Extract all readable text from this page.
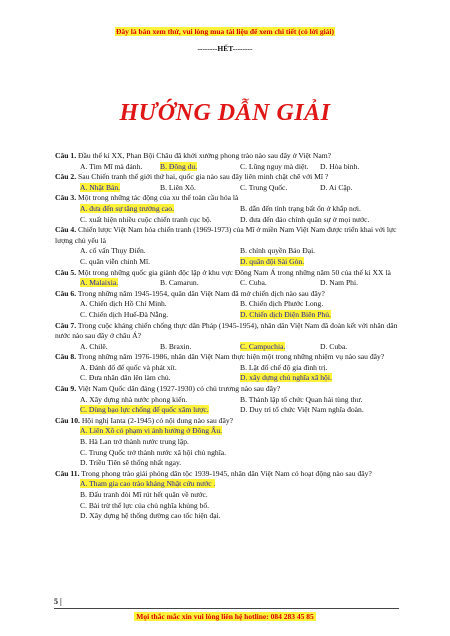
Đây là bản xem thử, vui lòng mua tài liệu để xem chi tiết (có lời giải)
--------HẾT--------
HƯỚNG DẪN GIẢI

Câu 1. Đầu thế kỉ XX, Phan Bội Châu đã khởi xướng phong trào nào sau đây ở Việt Nam?

A. Tìm Mĩ mà đánh.	B. Đông du.	C. Lũng nguy mà diệt.	D. Hòa bình.

Câu 2. Sau Chiến tranh thế giới thứ hai, quốc gia nào sau đây liên minh chặt chẽ với Mĩ ?

A. Nhật Bản.	B. Liên Xô.	C. Trung Quốc.	D. Ai Cập.

Câu 3. Một trong những tác động của xu thế toàn cầu hóa là

A. đưa đến sự tăng trưởng cao.	B. dẫn đến tình trạng bất ổn ở khắp nơi.
C. xuất hiện nhiều cuộc chiến tranh cục bộ.	D. đưa đến đảo chính quân sự ở mọi nước.

Câu 4. Chiến lược Việt Nam hóa chiến tranh (1969-1973) của Mĩ ở miền Nam Việt Nam được triển khai với lực lượng chủ yếu là

A. cố vấn Thụy Điển.	B. chính quyền Bảo Đại.
C. quân viễn chinh Mĩ.	D. quân đội Sài Gòn.

Câu 5. Một trong những quốc gia giành độc lập ở khu vực Đông Nam Á trong những năm 50 của thế kỉ XX là

A. Malaixia.	B. Camarun.	C. Cuba.	D. Nam Phi.

Câu 6. Trong những năm 1945-1954, quân dân Việt Nam đã mở chiến dịch nào sau đây?

A. Chiến dịch Hồ Chí Minh.	B. Chiến dịch Phước Long.
C. Chiến dịch Huế-Đà Nẵng.	D. Chiến dịch Điện Biên Phủ.

Câu 7. Trong cuộc kháng chiến chống thực dân Pháp (1945-1954), nhân dân Việt Nam đã đoàn kết với nhân dân nước nào sau đây ở châu Á?

A. Chilê.	B. Braxin.	C. Campuchia.	D. Cuba.

Câu 8. Trong những năm 1976-1986, nhân dân Việt Nam thực hiện một trong những nhiệm vụ nào sau đây?

A. Đánh đổ đế quốc và phát xít.	B. Lật đổ chế độ gia đình trị.
C. Đưa nhân dân lên làm chủ.	D. xây dựng chủ nghĩa xã hội.

Câu 9. Việt Nam Quốc dân đảng (1927-1930) có chủ trương nào sau đây?

A. Xây dựng nhà nước phong kiến.	B. Thành lập tổ chức Quan hải tùng thư.
C. Dùng bạo lực chống đế quốc xâm lược.	D. Duy trì tổ chức Việt Nam nghĩa đoàn.

Câu 10. Hội nghị Ianta (2-1945) có nội dung nào sau đây?

A. Liên Xô có phạm vi ảnh hưởng ở Đông Âu.
B. Hà Lan trở thành nước trung lập.
C. Trung Quốc trở thành nước xã hội chủ nghĩa.
D. Triều Tiên sẽ thống nhất ngay.

Câu 11. Trong phong trào giải phóng dân tộc 1939-1945, nhân dân Việt Nam có hoạt động nào sau đây?

A. Tham gia cao trào kháng Nhật cứu nước .
B. Đấu tranh đòi Mĩ rút hết quân về nước.
C. Bài trừ thế lực của chủ nghĩa khủng bố.
D. Xây dựng hệ thống đường cao tốc hiện đại.
5 |
Mọi thắc mắc xin vui lòng liên hệ hotline: 084 283 45 85
